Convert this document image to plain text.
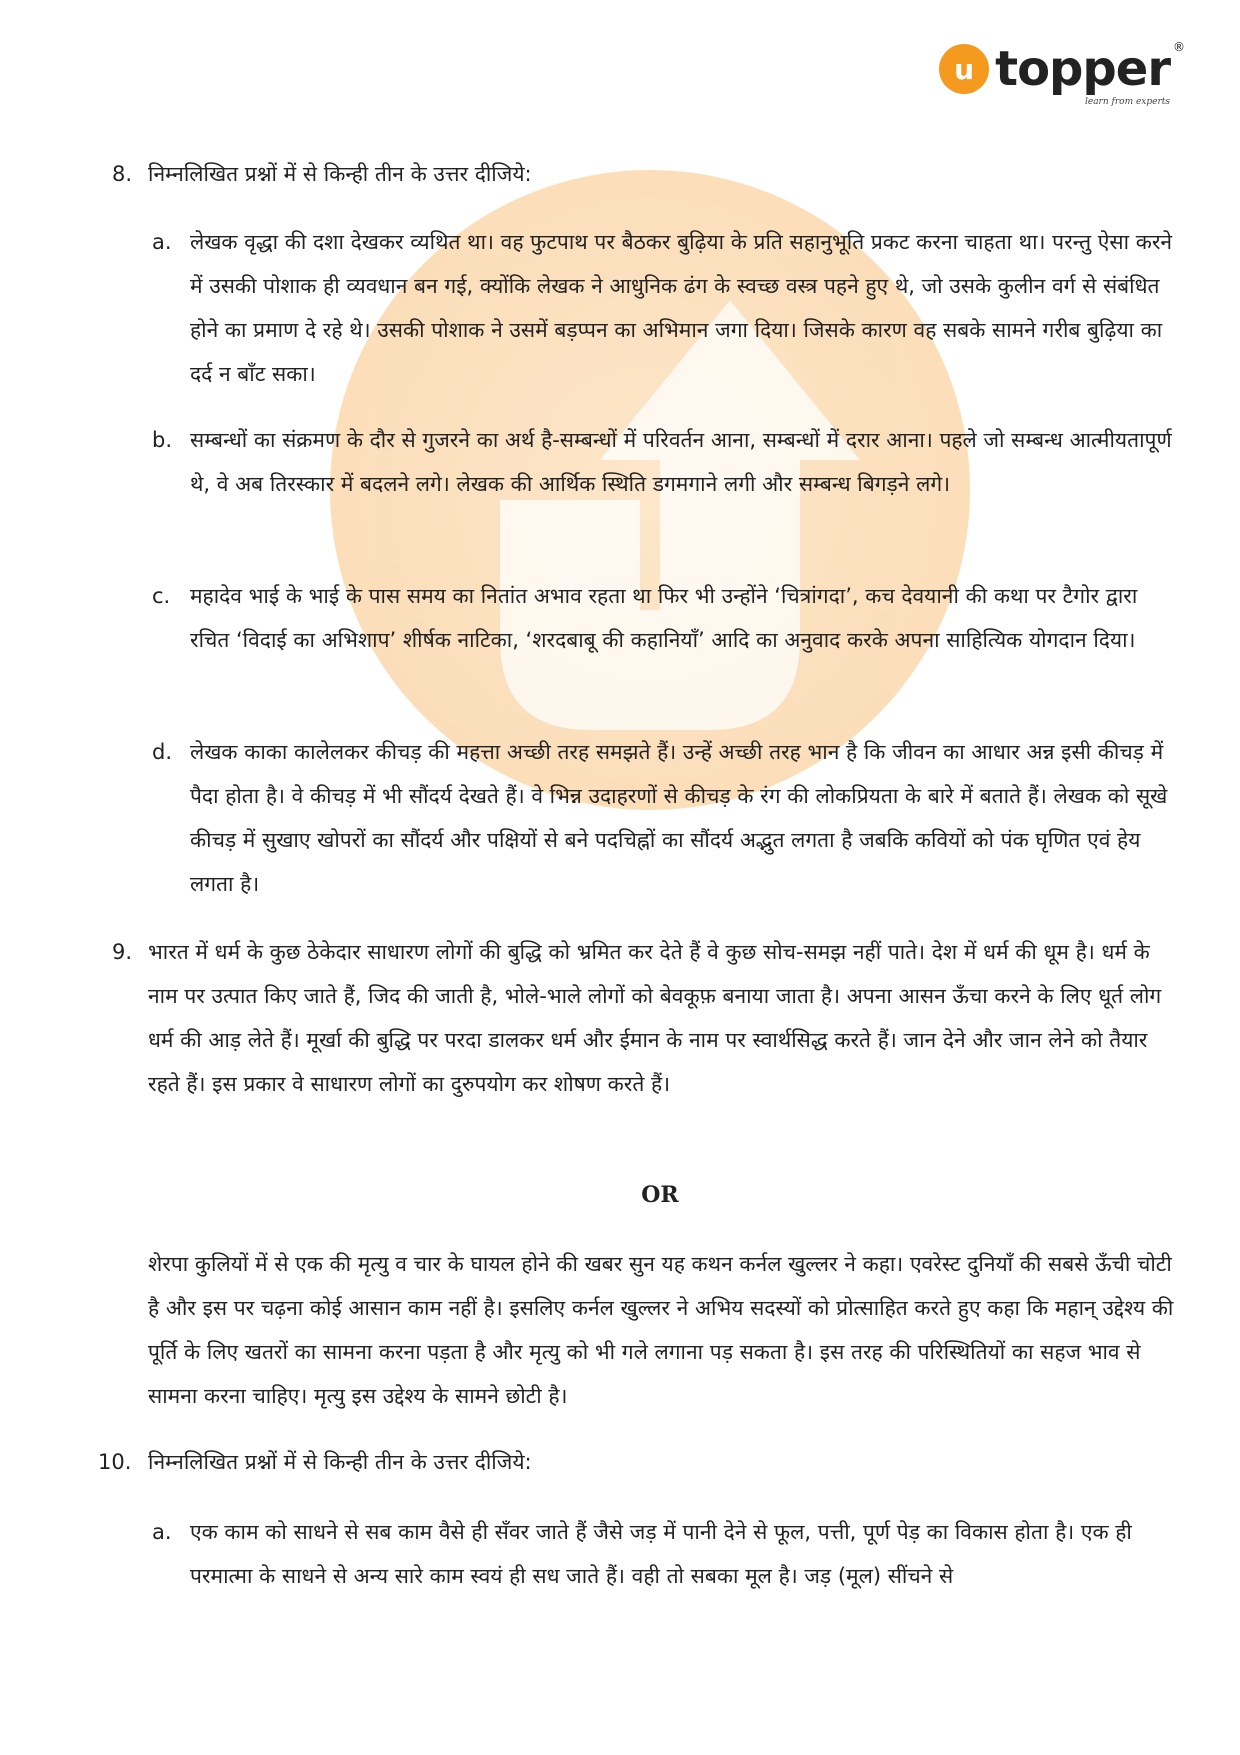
u topper ®
learn from experts
8. निम्नलिखित प्रश्नों में से किन्ही तीन के उत्तर दीजिये:
a. लेखक वृद्धा की दशा देखकर व्यथित था। वह फुटपाथ पर बैठकर बुढ़िया के प्रति सहानुभूति प्रकट करना चाहता था। परन्तु ऐसा करने में उसकी पोशाक ही व्यवधान बन गई, क्योंकि लेखक ने आधुनिक ढंग के स्वच्छ वस्त्र पहने हुए थे, जो उसके कुलीन वर्ग से संबंधित होने का प्रमाण दे रहे थे। उसकी पोशाक ने उसमें बड़प्पन का अभिमान जगा दिया। जिसके कारण वह सबके सामने गरीब बुढ़िया का दर्द न बाँट सका।
b. सम्बन्धों का संक्रमण के दौर से गुजरने का अर्थ है-सम्बन्धों में परिवर्तन आना, सम्बन्धों में दरार आना। पहले जो सम्बन्ध आत्मीयतापूर्ण थे, वे अब तिरस्कार में बदलने लगे। लेखक की आर्थिक स्थिति डगमगाने लगी और सम्बन्ध बिगड़ने लगे।
c. महादेव भाई के भाई के पास समय का नितांत अभाव रहता था फिर भी उन्होंने ‘चित्रांगदा’, कच देवयानी की कथा पर टैगोर द्वारा रचित ‘विदाई का अभिशाप’ शीर्षक नाटिका, ‘शरदबाबू की कहानियाँ’ आदि का अनुवाद करके अपना साहित्यिक योगदान दिया।
d. लेखक काका कालेलकर कीचड़ की महत्ता अच्छी तरह समझते हैं। उन्हें अच्छी तरह भान है कि जीवन का आधार अन्न इसी कीचड़ में पैदा होता है। वे कीचड़ में भी सौंदर्य देखते हैं। वे भिन्न उदाहरणों से कीचड़ के रंग की लोकप्रियता के बारे में बताते हैं। लेखक को सूखे कीचड़ में सुखाए खोपरों का सौंदर्य और पक्षियों से बने पदचिह्नों का सौंदर्य अद्भुत लगता है जबकि कवियों को पंक घृणित एवं हेय लगता है।
9. भारत में धर्म के कुछ ठेकेदार साधारण लोगों की बुद्धि को भ्रमित कर देते हैं वे कुछ सोच-समझ नहीं पाते। देश में धर्म की धूम है। धर्म के नाम पर उत्पात किए जाते हैं, जिद की जाती है, भोले-भाले लोगों को बेवकूफ़ बनाया जाता है। अपना आसन ऊँचा करने के लिए धूर्त लोग धर्म की आड़ लेते हैं। मूर्खा की बुद्धि पर परदा डालकर धर्म और ईमान के नाम पर स्वार्थसिद्ध करते हैं। जान देने और जान लेने को तैयार रहते हैं। इस प्रकार वे साधारण लोगों का दुरुपयोग कर शोषण करते हैं।
OR
शेरपा कुलियों में से एक की मृत्यु व चार के घायल होने की खबर सुन यह कथन कर्नल खुल्लर ने कहा। एवरेस्ट दुनियाँ की सबसे ऊँची चोटी है और इस पर चढ़ना कोई आसान काम नहीं है। इसलिए कर्नल खुल्लर ने अभिय सदस्यों को प्रोत्साहित करते हुए कहा कि महान् उद्देश्य की पूर्ति के लिए खतरों का सामना करना पड़ता है और मृत्यु को भी गले लगाना पड़ सकता है। इस तरह की परिस्थितियों का सहज भाव से सामना करना चाहिए। मृत्यु इस उद्देश्य के सामने छोटी है।
10. निम्नलिखित प्रश्नों में से किन्ही तीन के उत्तर दीजिये:
a. एक काम को साधने से सब काम वैसे ही सँवर जाते हैं जैसे जड़ में पानी देने से फूल, पत्ती, पूर्ण पेड़ का विकास होता है। एक ही परमात्मा के साधने से अन्य सारे काम स्वयं ही सध जाते हैं। वही तो सबका मूल है। जड़ (मूल) सींचने से
